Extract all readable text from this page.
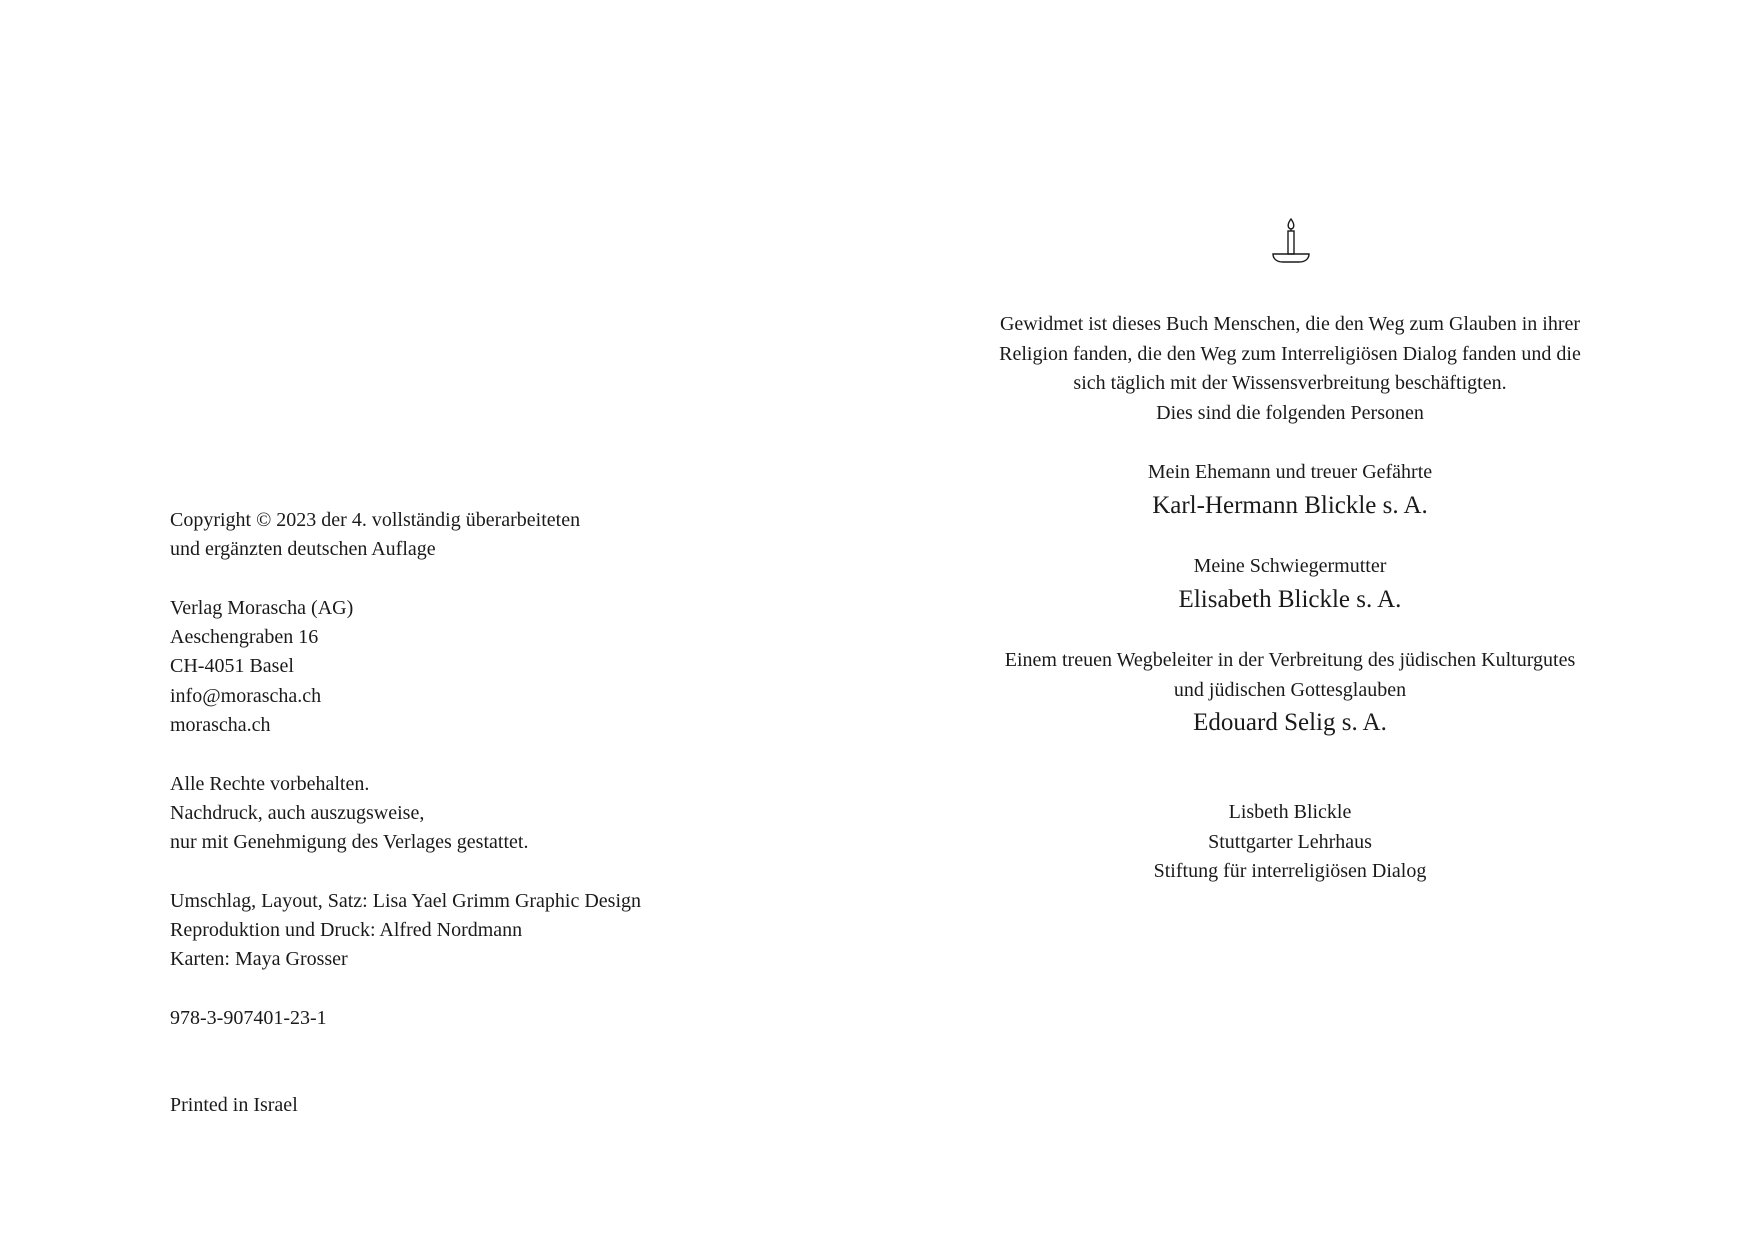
Copyright © 2023 der 4. vollständig überarbeiteten
und ergänzten deutschen Auflage
Verlag Morascha (AG)
Aeschengraben 16
CH-4051 Basel
info@morascha.ch
morascha.ch
Alle Rechte vorbehalten.
Nachdruck, auch auszugsweise,
nur mit Genehmigung des Verlages gestattet.
Umschlag, Layout, Satz: Lisa Yael Grimm Graphic Design
Reproduktion und Druck: Alfred Nordmann
Karten: Maya Grosser
978-3-907401-23-1
Printed in Israel
Gewidmet ist dieses Buch Menschen, die den Weg zum Glauben in ihrer
Religion fanden, die den Weg zum Interreligiösen Dialog fanden und die
sich täglich mit der Wissensverbreitung beschäftigten.
Dies sind die folgenden Personen
Mein Ehemann und treuer Gefährte
Karl-Hermann Blickle s. A.
Meine Schwiegermutter
Elisabeth Blickle s. A.
Einem treuen Wegbeleiter in der Verbreitung des jüdischen Kulturgutes
und jüdischen Gottesglauben
Edouard Selig s. A.
Lisbeth Blickle
Stuttgarter Lehrhaus
Stiftung für interreligiösen Dialog
